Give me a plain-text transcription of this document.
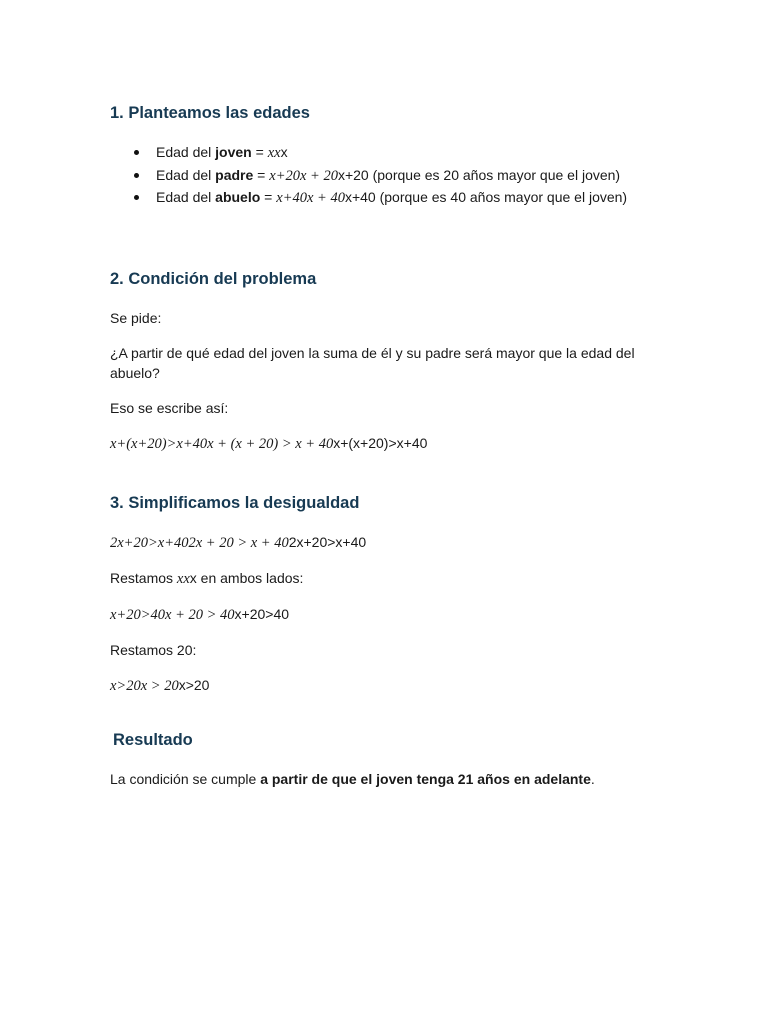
1. Planteamos las edades
Edad del joven = xxx
Edad del padre = x+20x + 20x+20 (porque es 20 años mayor que el joven)
Edad del abuelo = x+40x + 40x+40 (porque es 40 años mayor que el joven)
2. Condición del problema

Se pide:

¿A partir de qué edad del joven la suma de él y su padre será mayor que la edad del abuelo?

Eso se escribe así:

x+(x+20)>x+40x + (x + 20) > x + 40x+(x+20)>x+40

3. Simplificamos la desigualdad

2x+20>x+402x + 20 > x + 402x+20>x+40

Restamos xxx en ambos lados:

x+20>40x + 20 > 40x+20>40

Restamos 20:

x>20x > 20x>20

Resultado

La condición se cumple a partir de que el joven tenga 21 años en adelante.
